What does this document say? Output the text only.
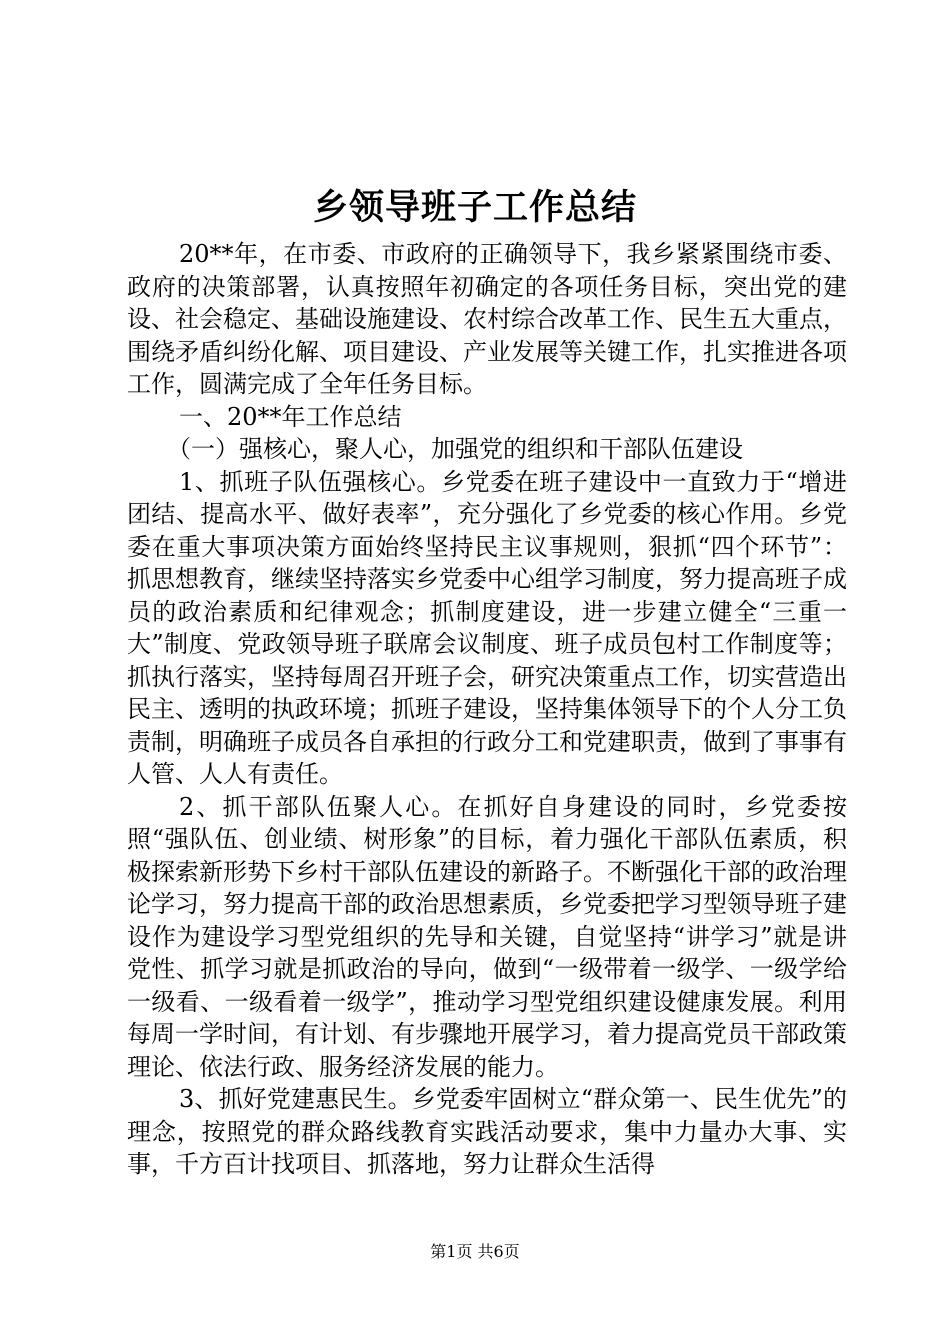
乡领导班子工作总结

20**年，在市委、市政府的正确领导下，我乡紧紧围绕市委、政府的决策部署，认真按照年初确定的各项任务目标，突出党的建设、社会稳定、基础设施建设、农村综合改革工作、民生五大重点，围绕矛盾纠纷化解、项目建设、产业发展等关键工作，扎实推进各项工作，圆满完成了全年任务目标。

一、20**年工作总结

（一）强核心，聚人心，加强党的组织和干部队伍建设

1、抓班子队伍强核心。乡党委在班子建设中一直致力于“增进团结、提高水平、做好表率”，充分强化了乡党委的核心作用。乡党委在重大事项决策方面始终坚持民主议事规则，狠抓“四个环节”：抓思想教育，继续坚持落实乡党委中心组学习制度，努力提高班子成员的政治素质和纪律观念；抓制度建设，进一步建立健全“三重一大”制度、党政领导班子联席会议制度、班子成员包村工作制度等；抓执行落实，坚持每周召开班子会，研究决策重点工作，切实营造出民主、透明的执政环境；抓班子建设，坚持集体领导下的个人分工负责制，明确班子成员各自承担的行政分工和党建职责，做到了事事有人管、人人有责任。

2、抓干部队伍聚人心。在抓好自身建设的同时，乡党委按照“强队伍、创业绩、树形象”的目标，着力强化干部队伍素质，积极探索新形势下乡村干部队伍建设的新路子。不断强化干部的政治理论学习，努力提高干部的政治思想素质，乡党委把学习型领导班子建设作为建设学习型党组织的先导和关键，自觉坚持“讲学习”就是讲党性、抓学习就是抓政治的导向，做到“一级带着一级学、一级学给一级看、一级看着一级学”，推动学习型党组织建设健康发展。利用每周一学时间，有计划、有步骤地开展学习，着力提高党员干部政策理论、依法行政、服务经济发展的能力。

3、抓好党建惠民生。乡党委牢固树立“群众第一、民生优先”的理念，按照党的群众路线教育实践活动要求，集中力量办大事、实事，千方百计找项目、抓落地，努力让群众生活得

第1页 共6页
